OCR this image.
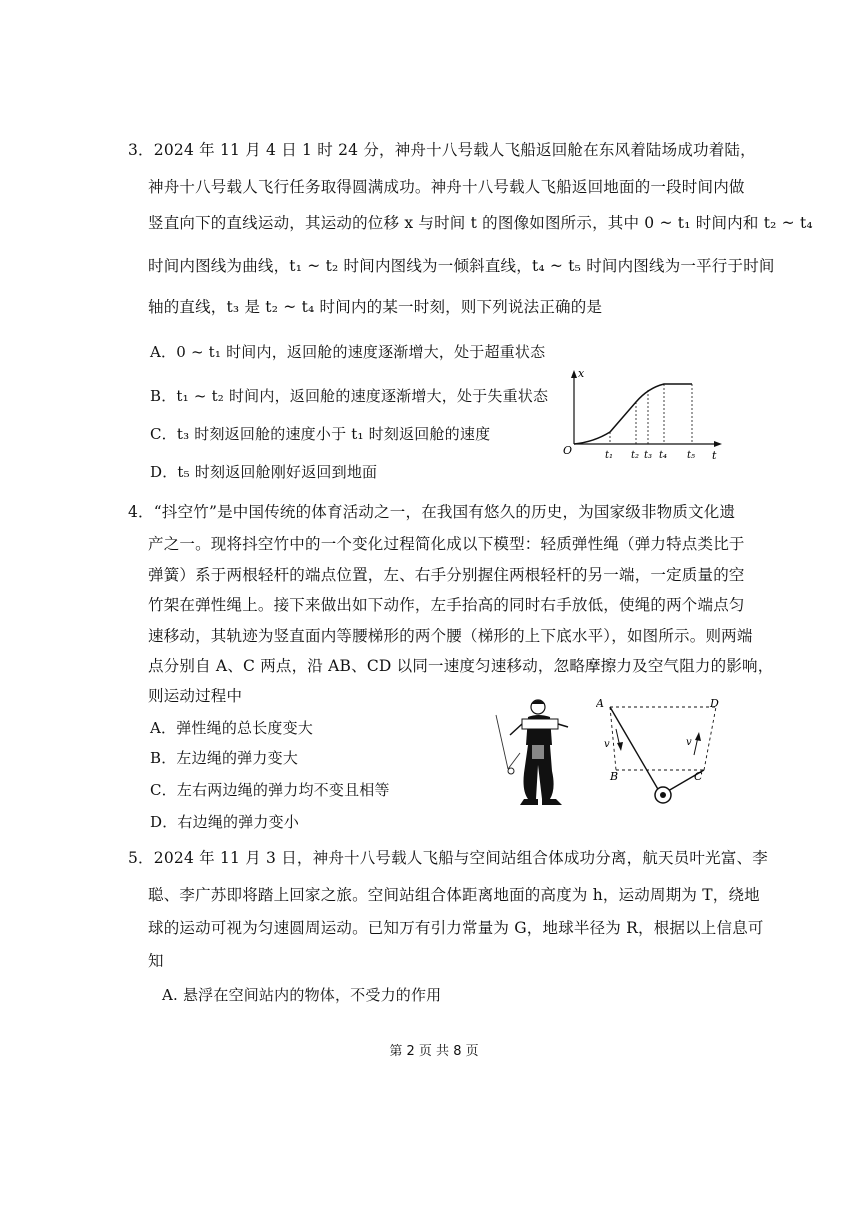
3．2024 年 11 月 4 日 1 时 24 分，神舟十八号载人飞船返回舱在东风着陆场成功着陆，
神舟十八号载人飞行任务取得圆满成功。神舟十八号载人飞船返回地面的一段时间内做
竖直向下的直线运动，其运动的位移 x 与时间 t 的图像如图所示，其中 0 ~ t₁ 时间内和 t₂ ~ t₄
时间内图线为曲线，t₁ ~ t₂ 时间内图线为一倾斜直线，t₄ ~ t₅ 时间内图线为一平行于时间
轴的直线，t₃ 是 t₂ ~ t₄ 时间内的某一时刻，则下列说法正确的是
A．0 ~ t₁ 时间内，返回舱的速度逐渐增大，处于超重状态
B．t₁ ~ t₂ 时间内，返回舱的速度逐渐增大，处于失重状态
C．t₃ 时刻返回舱的速度小于 t₁ 时刻返回舱的速度
D．t₅ 时刻返回舱刚好返回到地面
x
t
O	t₁ t₂ t₃ t₄ t₅
4．“抖空竹”是中国传统的体育活动之一，在我国有悠久的历史，为国家级非物质文化遗
产之一。现将抖空竹中的一个变化过程简化成以下模型：轻质弹性绳（弹力特点类比于
弹簧）系于两根轻杆的端点位置，左、右手分别握住两根轻杆的另一端，一定质量的空
竹架在弹性绳上。接下来做出如下动作，左手抬高的同时右手放低，使绳的两个端点匀
速移动，其轨迹为竖直面内等腰梯形的两个腰（梯形的上下底水平），如图所示。则两端
点分别自 A、C 两点，沿 AB、CD 以同一速度匀速移动，忽略摩擦力及空气阻力的影响，
则运动过程中
A．弹性绳的总长度变大
B．左边绳的弹力变大
C．左右两边绳的弹力均不变且相等
D．右边绳的弹力变小
A	D
B	C
v	v
5．2024 年 11 月 3 日，神舟十八号载人飞船与空间站组合体成功分离，航天员叶光富、李
聪、李广苏即将踏上回家之旅。空间站组合体距离地面的高度为 h，运动周期为 T，绕地
球的运动可视为匀速圆周运动。已知万有引力常量为 G，地球半径为 R，根据以上信息可
知
A. 悬浮在空间站内的物体，不受力的作用
第 2 页 共 8 页
